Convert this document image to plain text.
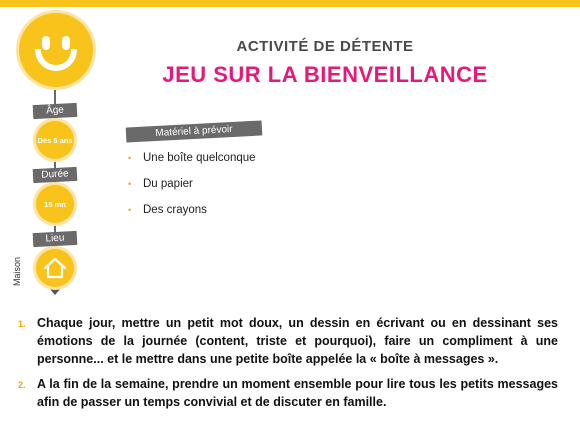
Âge
Dès 5 ans
Durée
15 mn
Lieu
Maison
ACTIVITÉ DE DÉTENTE
JEU SUR LA BIENVEILLANCE
Matériel à prévoir
• Une boîte quelconque
• Du papier
• Des crayons
1. Chaque jour, mettre un petit mot doux, un dessin en écrivant ou en dessinant ses émotions de la journée (content, triste et pourquoi), faire un compliment à une personne... et le mettre dans une petite boîte appelée la « boîte à messages ».
2. A la fin de la semaine, prendre un moment ensemble pour lire tous les petits messages afin de passer un temps convivial et de discuter en famille.
